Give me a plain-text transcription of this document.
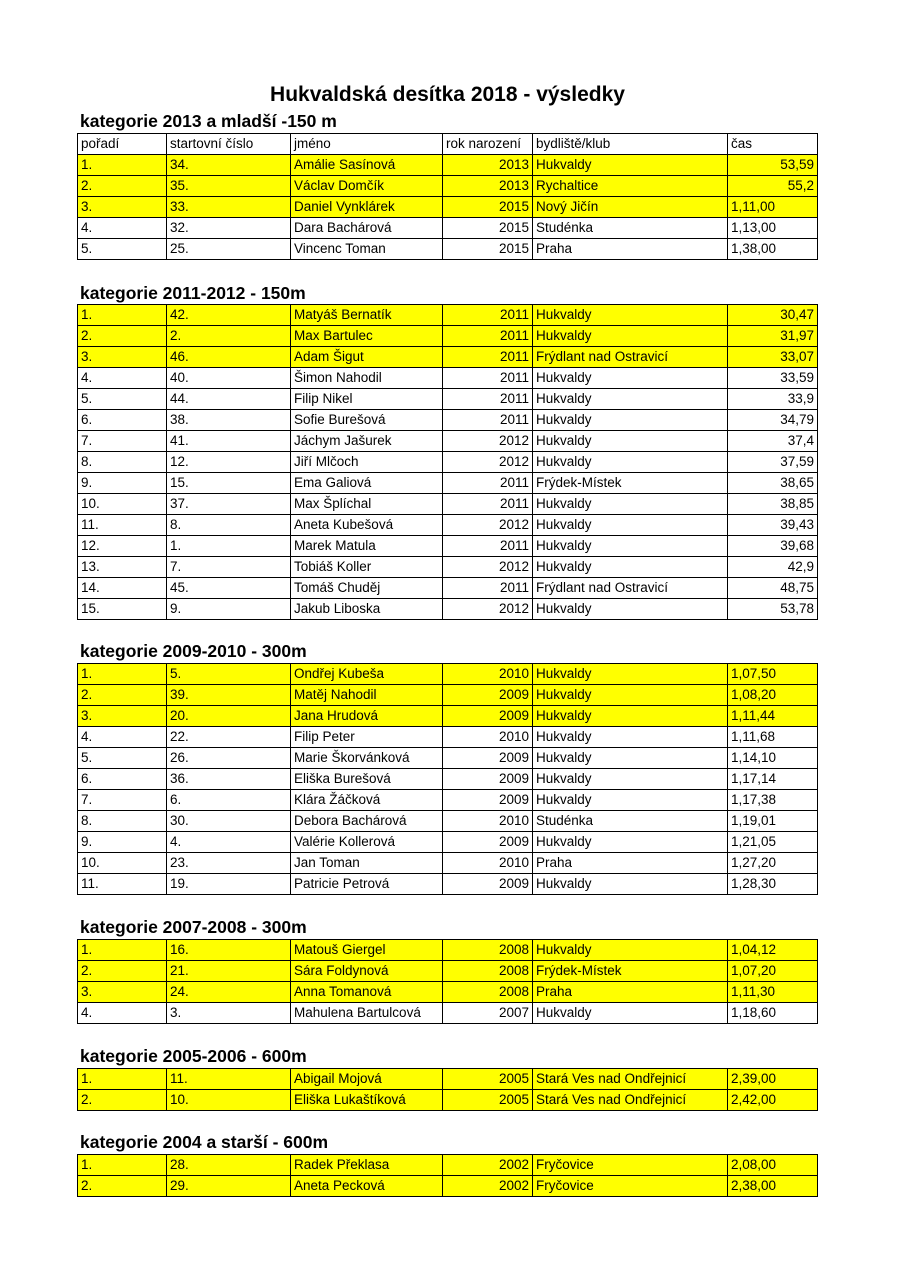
Hukvaldská desítka 2018 - výsledky
kategorie 2013 a mladší -150 m
pořadí	startovní číslo	jméno	rok narození	bydliště/klub	čas
1.	34.	Amálie Sasínová	2013	Hukvaldy	53,59
2.	35.	Václav Domčík	2013	Rychaltice	55,2
3.	33.	Daniel Vynklárek	2015	Nový Jičín	1,11,00
4.	32.	Dara Bachárová	2015	Studénka	1,13,00
5.	25.	Vincenc Toman	2015	Praha	1,38,00
kategorie 2011-2012 - 150m
1.	42.	Matyáš Bernatík	2011	Hukvaldy	30,47
2.	2.	Max Bartulec	2011	Hukvaldy	31,97
3.	46.	Adam Šigut	2011	Frýdlant nad Ostravicí	33,07
4.	40.	Šimon Nahodil	2011	Hukvaldy	33,59
5.	44.	Filip Nikel	2011	Hukvaldy	33,9
6.	38.	Sofie Burešová	2011	Hukvaldy	34,79
7.	41.	Jáchym Jašurek	2012	Hukvaldy	37,4
8.	12.	Jiří Mlčoch	2012	Hukvaldy	37,59
9.	15.	Ema Galiová	2011	Frýdek-Místek	38,65
10.	37.	Max Šplíchal	2011	Hukvaldy	38,85
11.	8.	Aneta Kubešová	2012	Hukvaldy	39,43
12.	1.	Marek Matula	2011	Hukvaldy	39,68
13.	7.	Tobiáš Koller	2012	Hukvaldy	42,9
14.	45.	Tomáš Chuděj	2011	Frýdlant nad Ostravicí	48,75
15.	9.	Jakub Liboska	2012	Hukvaldy	53,78
kategorie 2009-2010 - 300m
1.	5.	Ondřej Kubeša	2010	Hukvaldy	1,07,50
2.	39.	Matěj Nahodil	2009	Hukvaldy	1,08,20
3.	20.	Jana Hrudová	2009	Hukvaldy	1,11,44
4.	22.	Filip Peter	2010	Hukvaldy	1,11,68
5.	26.	Marie Škorvánková	2009	Hukvaldy	1,14,10
6.	36.	Eliška Burešová	2009	Hukvaldy	1,17,14
7.	6.	Klára Žáčková	2009	Hukvaldy	1,17,38
8.	30.	Debora Bachárová	2010	Studénka	1,19,01
9.	4.	Valérie Kollerová	2009	Hukvaldy	1,21,05
10.	23.	Jan Toman	2010	Praha	1,27,20
11.	19.	Patricie Petrová	2009	Hukvaldy	1,28,30
kategorie 2007-2008 - 300m
1.	16.	Matouš Giergel	2008	Hukvaldy	1,04,12
2.	21.	Sára Foldynová	2008	Frýdek-Místek	1,07,20
3.	24.	Anna Tomanová	2008	Praha	1,11,30
4.	3.	Mahulena Bartulcová	2007	Hukvaldy	1,18,60
kategorie 2005-2006 - 600m
1.	11.	Abigail Mojová	2005	Stará Ves nad Ondřejnicí	2,39,00
2.	10.	Eliška Lukaštíková	2005	Stará Ves nad Ondřejnicí	2,42,00
kategorie 2004 a starší - 600m
1.	28.	Radek Překlasa	2002	Fryčovice	2,08,00
2.	29.	Aneta Pecková	2002	Fryčovice	2,38,00
